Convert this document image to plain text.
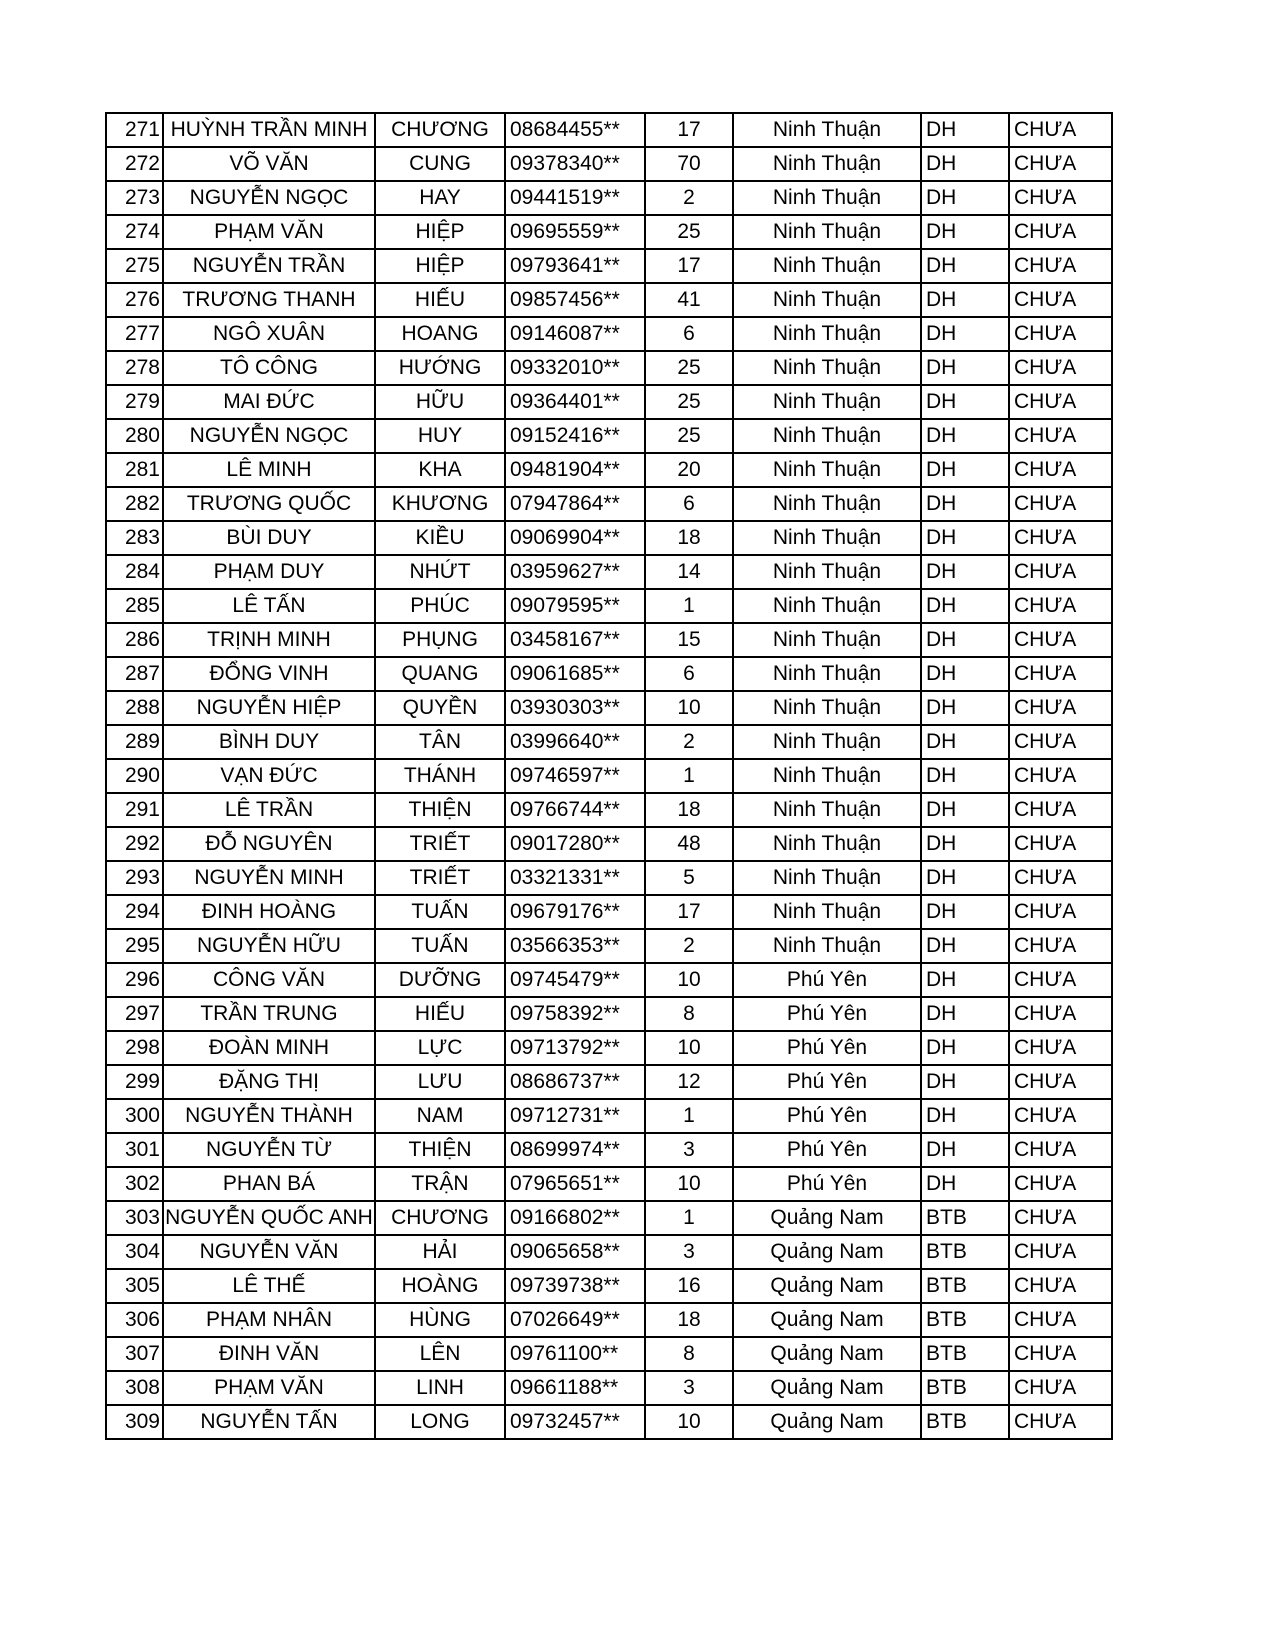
271	HUỲNH TRẦN MINH	CHƯƠNG	08684455**	17	Ninh Thuận	DH	CHƯA
272	VÕ VĂN	CUNG	09378340**	70	Ninh Thuận	DH	CHƯA
273	NGUYỄN NGỌC	HAY	09441519**	2	Ninh Thuận	DH	CHƯA
274	PHẠM VĂN	HIỆP	09695559**	25	Ninh Thuận	DH	CHƯA
275	NGUYỄN TRẦN	HIỆP	09793641**	17	Ninh Thuận	DH	CHƯA
276	TRƯƠNG THANH	HIẾU	09857456**	41	Ninh Thuận	DH	CHƯA
277	NGÔ XUÂN	HOANG	09146087**	6	Ninh Thuận	DH	CHƯA
278	TÔ CÔNG	HƯỚNG	09332010**	25	Ninh Thuận	DH	CHƯA
279	MAI ĐỨC	HỮU	09364401**	25	Ninh Thuận	DH	CHƯA
280	NGUYỄN NGỌC	HUY	09152416**	25	Ninh Thuận	DH	CHƯA
281	LÊ MINH	KHA	09481904**	20	Ninh Thuận	DH	CHƯA
282	TRƯƠNG QUỐC	KHƯƠNG	07947864**	6	Ninh Thuận	DH	CHƯA
283	BÙI DUY	KIỀU	09069904**	18	Ninh Thuận	DH	CHƯA
284	PHẠM DUY	NHỨT	03959627**	14	Ninh Thuận	DH	CHƯA
285	LÊ TẤN	PHÚC	09079595**	1	Ninh Thuận	DH	CHƯA
286	TRỊNH MINH	PHỤNG	03458167**	15	Ninh Thuận	DH	CHƯA
287	ĐỔNG VINH	QUANG	09061685**	6	Ninh Thuận	DH	CHƯA
288	NGUYỄN HIỆP	QUYỀN	03930303**	10	Ninh Thuận	DH	CHƯA
289	BÌNH DUY	TÂN	03996640**	2	Ninh Thuận	DH	CHƯA
290	VẠN ĐỨC	THÁNH	09746597**	1	Ninh Thuận	DH	CHƯA
291	LÊ TRẦN	THIỆN	09766744**	18	Ninh Thuận	DH	CHƯA
292	ĐỖ NGUYÊN	TRIẾT	09017280**	48	Ninh Thuận	DH	CHƯA
293	NGUYỄN MINH	TRIẾT	03321331**	5	Ninh Thuận	DH	CHƯA
294	ĐINH HOÀNG	TUẤN	09679176**	17	Ninh Thuận	DH	CHƯA
295	NGUYỄN HỮU	TUẤN	03566353**	2	Ninh Thuận	DH	CHƯA
296	CÔNG VĂN	DƯỠNG	09745479**	10	Phú Yên	DH	CHƯA
297	TRẦN TRUNG	HIẾU	09758392**	8	Phú Yên	DH	CHƯA
298	ĐOÀN MINH	LỰC	09713792**	10	Phú Yên	DH	CHƯA
299	ĐẶNG THỊ	LƯU	08686737**	12	Phú Yên	DH	CHƯA
300	NGUYỄN THÀNH	NAM	09712731**	1	Phú Yên	DH	CHƯA
301	NGUYỄN TỪ	THIỆN	08699974**	3	Phú Yên	DH	CHƯA
302	PHAN BÁ	TRẬN	07965651**	10	Phú Yên	DH	CHƯA
303	NGUYỄN QUỐC ANH	CHƯƠNG	09166802**	1	Quảng Nam	BTB	CHƯA
304	NGUYỄN VĂN	HẢI	09065658**	3	Quảng Nam	BTB	CHƯA
305	LÊ THẾ	HOÀNG	09739738**	16	Quảng Nam	BTB	CHƯA
306	PHẠM NHÂN	HÙNG	07026649**	18	Quảng Nam	BTB	CHƯA
307	ĐINH VĂN	LÊN	09761100**	8	Quảng Nam	BTB	CHƯA
308	PHẠM VĂN	LINH	09661188**	3	Quảng Nam	BTB	CHƯA
309	NGUYỄN TẤN	LONG	09732457**	10	Quảng Nam	BTB	CHƯA
